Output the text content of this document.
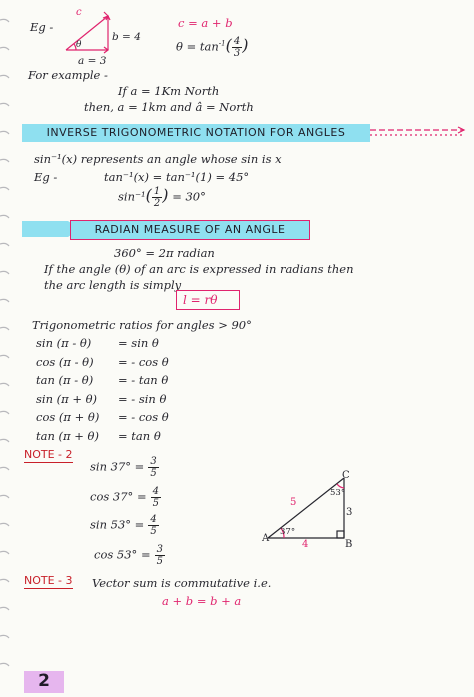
Eg -
c
θ
b = 4
a = 3
c = a + b
$\theta = \tan^{-1}( \frac{4}{3}$ )
For example -
If a = 1Km North
then, a = 1km and â = North
INVERSE TRIGONOMETRIC NOTATION FOR ANGLES
sin⁻¹(x) represents an angle whose sin is x
Eg -	tan⁻¹(x) = tan⁻¹(1) = 45°
$\sin^{-1}( \frac{1}{2}$ ) = 30°
RADIAN MEASURE OF AN ANGLE
360° = 2π radian
If the angle (θ) of an arc is expressed in radians then
the arc length is simply
l = rθ
Trigonometric ratios for angles > 90°
sin (π - θ) = sin θ
cos (π - θ) = - cos θ
tan (π - θ) = - tan θ
sin (π + θ) = - sin θ
cos (π + θ) = - cos θ
tan (π + θ) = tan θ
NOTE - 2
$\sin 37^\circ = \frac{3}{5}$
$\cos 37^\circ = \frac{4}{5}$
$\sin 53^\circ = \frac{4}{5}$
$\cos 53^\circ = \frac{3}{5}$
A
B
C
5
3
4
37°
53°
NOTE - 3 Vector sum is commutative i.e.
a + b = b + a
2
